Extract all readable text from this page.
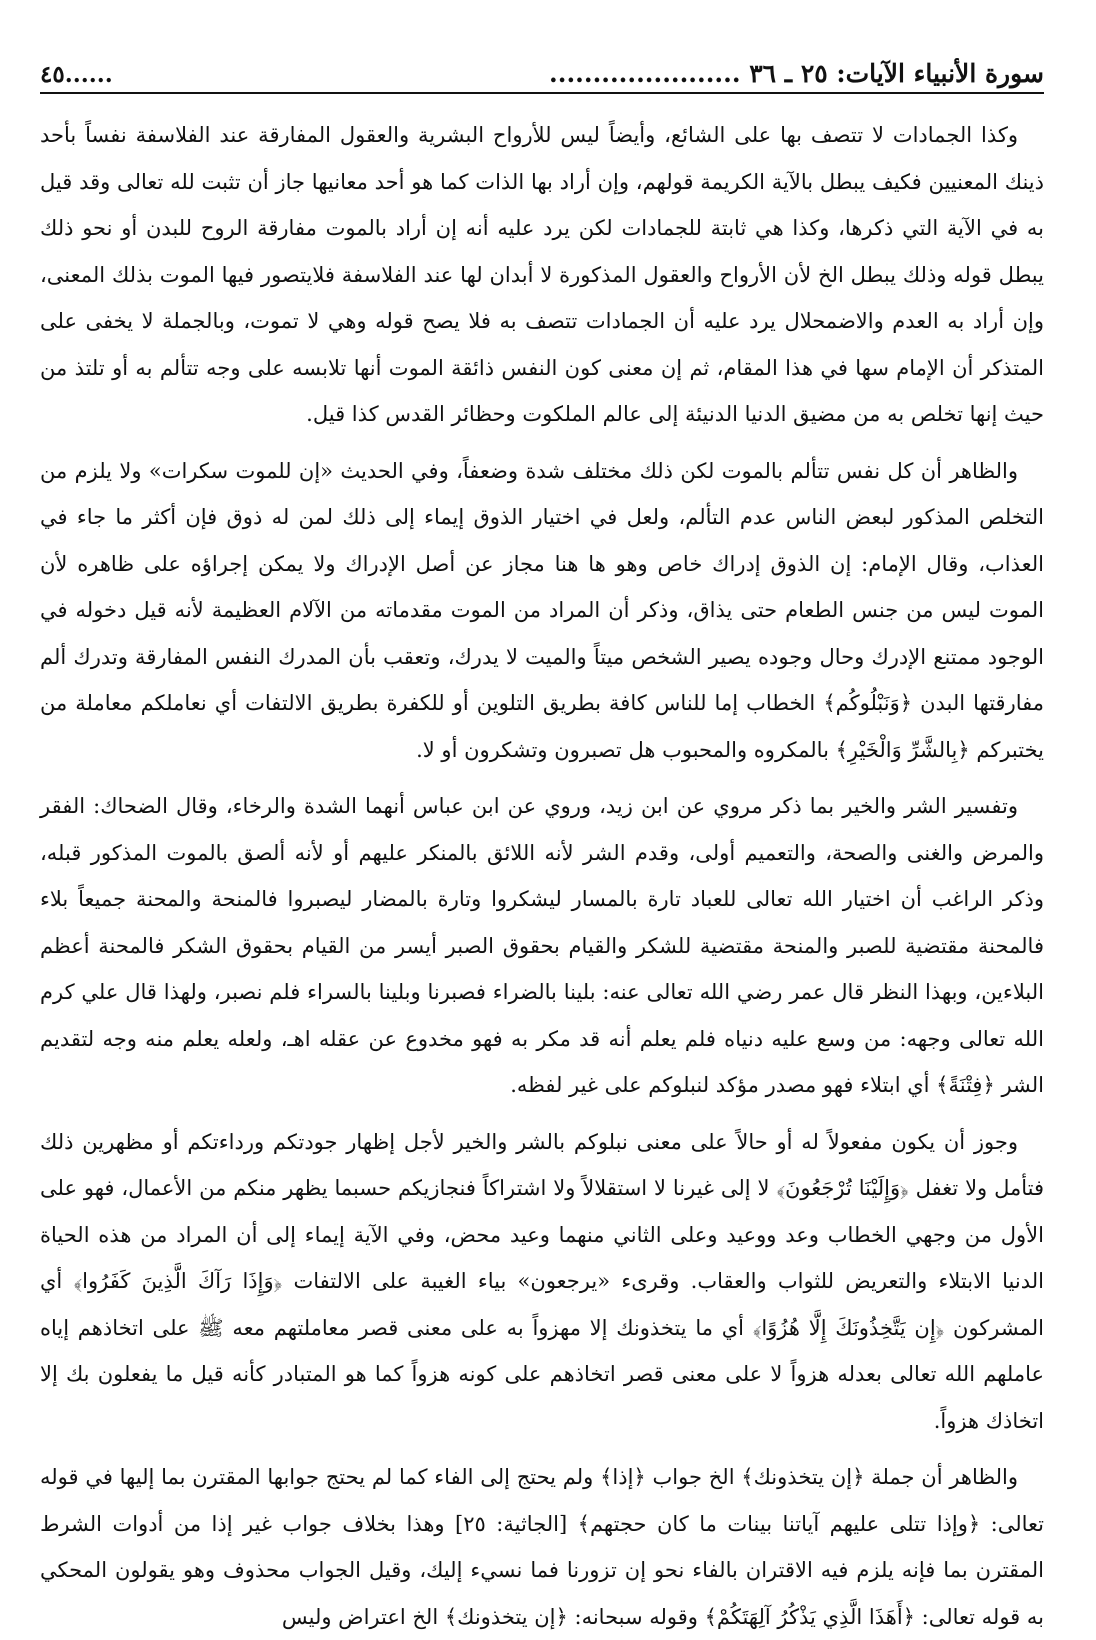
سورة الأنبياء الآيات: ٢٥ ـ ٣٦ ......................
......٤٥

وكذا الجمادات لا تتصف بها على الشائع، وأيضاً ليس للأرواح البشرية والعقول المفارقة عند الفلاسفة نفساً بأحد ذينك المعنيين فكيف يبطل بالآية الكريمة قولهم، وإن أراد بها الذات كما هو أحد معانيها جاز أن تثبت لله تعالى وقد قيل به في الآية التي ذكرها، وكذا هي ثابتة للجمادات لكن يرد عليه أنه إن أراد بالموت مفارقة الروح للبدن أو نحو ذلك يبطل قوله وذلك يبطل الخ لأن الأرواح والعقول المذكورة لا أبدان لها عند الفلاسفة فلايتصور فيها الموت بذلك المعنى، وإن أراد به العدم والاضمحلال يرد عليه أن الجمادات تتصف به فلا يصح قوله وهي لا تموت، وبالجملة لا يخفى على المتذكر أن الإمام سها في هذا المقام، ثم إن معنى كون النفس ذائقة الموت أنها تلابسه على وجه تتألم به أو تلتذ من حيث إنها تخلص به من مضيق الدنيا الدنيئة إلى عالم الملكوت وحظائر القدس كذا قيل.

والظاهر أن كل نفس تتألم بالموت لكن ذلك مختلف شدة وضعفاً، وفي الحديث «إن للموت سكرات» ولا يلزم من التخلص المذكور لبعض الناس عدم التألم، ولعل في اختيار الذوق إيماء إلى ذلك لمن له ذوق فإن أكثر ما جاء في العذاب، وقال الإمام: إن الذوق إدراك خاص وهو ها هنا مجاز عن أصل الإدراك ولا يمكن إجراؤه على ظاهره لأن الموت ليس من جنس الطعام حتى يذاق، وذكر أن المراد من الموت مقدماته من الآلام العظيمة لأنه قيل دخوله في الوجود ممتنع الإدرك وحال وجوده يصير الشخص ميتاً والميت لا يدرك، وتعقب بأن المدرك النفس المفارقة وتدرك ألم مفارقتها البدن ﴿وَنَبْلُوكُم﴾ الخطاب إما للناس كافة بطريق التلوين أو للكفرة بطريق الالتفات أي نعاملكم معاملة من يختبركم ﴿بِالشَّرِّ وَالْخَيْرِ﴾ بالمكروه والمحبوب هل تصبرون وتشكرون أو لا.

وتفسير الشر والخير بما ذكر مروي عن ابن زيد، وروي عن ابن عباس أنهما الشدة والرخاء، وقال الضحاك: الفقر والمرض والغنى والصحة، والتعميم أولى، وقدم الشر لأنه اللائق بالمنكر عليهم أو لأنه ألصق بالموت المذكور قبله، وذكر الراغب أن اختيار الله تعالى للعباد تارة بالمسار ليشكروا وتارة بالمضار ليصبروا فالمنحة والمحنة جميعاً بلاء فالمحنة مقتضية للصبر والمنحة مقتضية للشكر والقيام بحقوق الصبر أيسر من القيام بحقوق الشكر فالمحنة أعظم البلاءين، وبهذا النظر قال عمر رضي الله تعالى عنه: بلينا بالضراء فصبرنا وبلينا بالسراء فلم نصبر، ولهذا قال علي كرم الله تعالى وجهه: من وسع عليه دنياه فلم يعلم أنه قد مكر به فهو مخدوع عن عقله اهـ، ولعله يعلم منه وجه لتقديم الشر ﴿فِتْنَةً﴾ أي ابتلاء فهو مصدر مؤكد لنبلوكم على غير لفظه.

وجوز أن يكون مفعولاً له أو حالاً على معنى نبلوكم بالشر والخير لأجل إظهار جودتكم ورداءتكم أو مظهرين ذلك فتأمل ولا تغفل ﴿وَإِلَيْنَا تُرْجَعُونَ﴾ لا إلى غيرنا لا استقلالاً ولا اشتراكاً فنجازيكم حسبما يظهر منكم من الأعمال، فهو على الأول من وجهي الخطاب وعد ووعيد وعلى الثاني منهما وعيد محض، وفي الآية إيماء إلى أن المراد من هذه الحياة الدنيا الابتلاء والتعريض للثواب والعقاب. وقرىء «يرجعون» بياء الغيبة على الالتفات ﴿وَإِذَا رَآكَ الَّذِينَ كَفَرُوا﴾ أي المشركون ﴿إِن يَتَّخِذُونَكَ إِلَّا هُزُوًا﴾ أي ما يتخذونك إلا مهزواً به على معنى قصر معاملتهم معه ﷺ على اتخاذهم إياه عاملهم الله تعالى بعدله هزواً لا على معنى قصر اتخاذهم على كونه هزواً كما هو المتبادر كأنه قيل ما يفعلون بك إلا اتخاذك هزواً.

والظاهر أن جملة ﴿إن يتخذونك﴾ الخ جواب ﴿إذا﴾ ولم يحتج إلى الفاء كما لم يحتج جوابها المقترن بما إليها في قوله تعالى: ﴿وإذا تتلى عليهم آياتنا بينات ما كان حجتهم﴾ [الجاثية: ٢٥] وهذا بخلاف جواب غير إذا من أدوات الشرط المقترن بما فإنه يلزم فيه الاقتران بالفاء نحو إن تزورنا فما نسيء إليك، وقيل الجواب محذوف وهو يقولون المحكي به قوله تعالى: ﴿أَهَذَا الَّذِي يَذْكُرُ آلِهَتَكُمْ﴾ وقوله سبحانه: ﴿إن يتخذونك﴾ الخ اعتراض وليس
